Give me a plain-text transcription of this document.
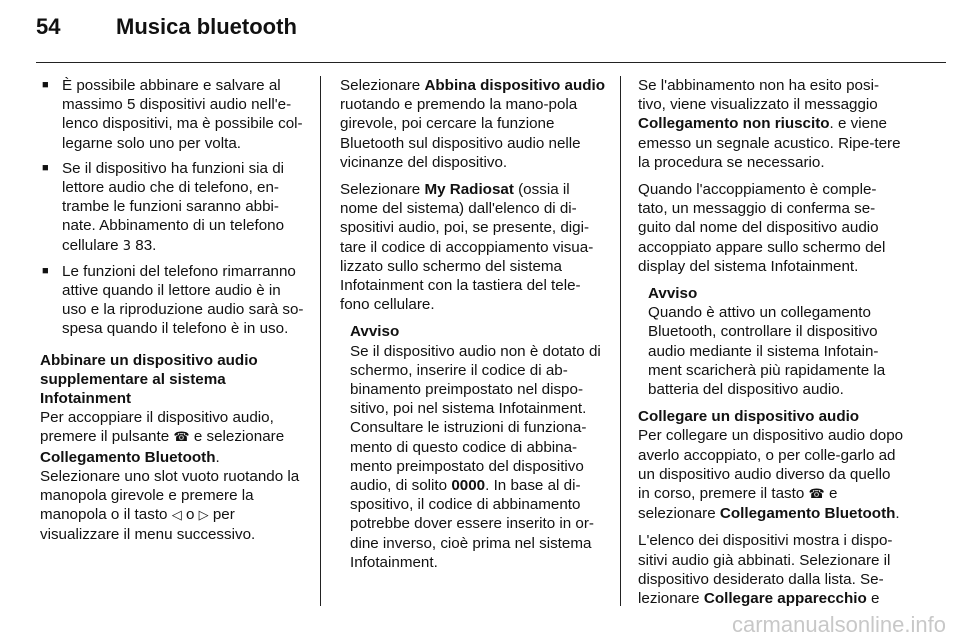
54	Musica bluetooth

■ È possibile abbinare e salvare al massimo 5 dispositivi audio nell'e-lenco dispositivi, ma è possibile col-legarne solo uno per volta.

■ Se il dispositivo ha funzioni sia di lettore audio che di telefono, en-trambe le funzioni saranno abbi-nate. Abbinamento di un telefono cellulare 3 83.

■ Le funzioni del telefono rimarranno attive quando il lettore audio è in uso e la riproduzione audio sarà so-spesa quando il telefono è in uso.

Abbinare un dispositivo audio supplementare al sistema Infotainment

Per accoppiare il dispositivo audio, premere il pulsante ☎ e selezionare Collegamento Bluetooth. Selezionare uno slot vuoto ruotando la manopola girevole e premere la manopola o il tasto ◁ o ▷ per visualizzare il menu successivo.

Selezionare Abbina dispositivo audio ruotando e premendo la mano-pola girevole, poi cercare la funzione Bluetooth sul dispositivo audio nelle vicinanze del dispositivo.

Selezionare My Radiosat (ossia il nome del sistema) dall'elenco di di-spositivi audio, poi, se presente, digi-tare il codice di accoppiamento visua-lizzato sullo schermo del sistema Infotainment con la tastiera del tele-fono cellulare.

Avviso
Se il dispositivo audio non è dotato di schermo, inserire il codice di ab-binamento preimpostato nel dispo-sitivo, poi nel sistema Infotainment. Consultare le istruzioni di funziona-mento di questo codice di abbina-mento preimpostato del dispositivo audio, di solito 0000. In base al di-spositivo, il codice di abbinamento potrebbe dover essere inserito in or-dine inverso, cioè prima nel sistema Infotainment.

Se l'abbinamento non ha esito posi-tivo, viene visualizzato il messaggio Collegamento non riuscito. e viene emesso un segnale acustico. Ripe-tere la procedura se necessario.

Quando l'accoppiamento è comple-tato, un messaggio di conferma se-guito dal nome del dispositivo audio accoppiato appare sullo schermo del display del sistema Infotainment.

Avviso
Quando è attivo un collegamento Bluetooth, controllare il dispositivo audio mediante il sistema Infotain-ment scaricherà più rapidamente la batteria del dispositivo audio.

Collegare un dispositivo audio

Per collegare un dispositivo audio dopo averlo accoppiato, o per colle-garlo ad un dispositivo audio diverso da quello in corso, premere il tasto ☎ e selezionare Collegamento Bluetooth.

L'elenco dei dispositivi mostra i dispo-sitivi audio già abbinati. Selezionare il dispositivo desiderato dalla lista. Se-lezionare Collegare apparecchio e

carmanualsonline.info
